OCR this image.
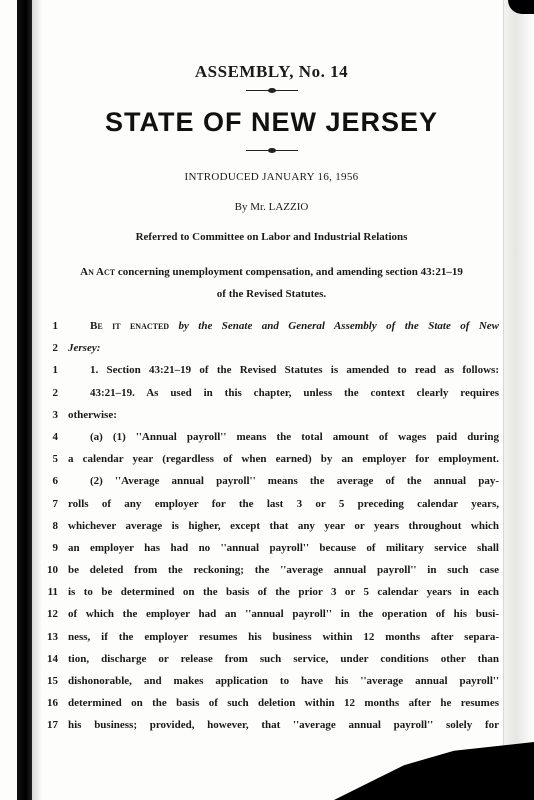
ASSEMBLY, No. 14
STATE OF NEW JERSEY
INTRODUCED JANUARY 16, 1956
By Mr. LAZZIO
Referred to Committee on Labor and Industrial Relations
An Act concerning unemployment compensation, and amending section 43:21–19
of the Revised Statutes.
1	Be it enacted by the Senate and General Assembly of the State of New
2 Jersey:
1	1. Section 43:21–19 of the Revised Statutes is amended to read as follows:
2	43:21–19. As used in this chapter, unless the context clearly requires
3 otherwise:
4	(a) (1) ''Annual payroll'' means the total amount of wages paid during
5 a calendar year (regardless of when earned) by an employer for employment.
6	(2) ''Average annual payroll'' means the average of the annual pay-
7 rolls of any employer for the last 3 or 5 preceding calendar years,
8 whichever average is higher, except that any year or years throughout which
9 an employer has had no ''annual payroll'' because of military service shall
10 be deleted from the reckoning; the ''average annual payroll'' in such case
11 is to be determined on the basis of the prior 3 or 5 calendar years in each
12 of which the employer had an ''annual payroll'' in the operation of his busi-
13 ness, if the employer resumes his business within 12 months after separa-
14 tion, discharge or release from such service, under conditions other than
15 dishonorable, and makes application to have his ''average annual payroll''
16 determined on the basis of such deletion within 12 months after he resumes
17 his business; provided, however, that ''average annual payroll'' solely for
